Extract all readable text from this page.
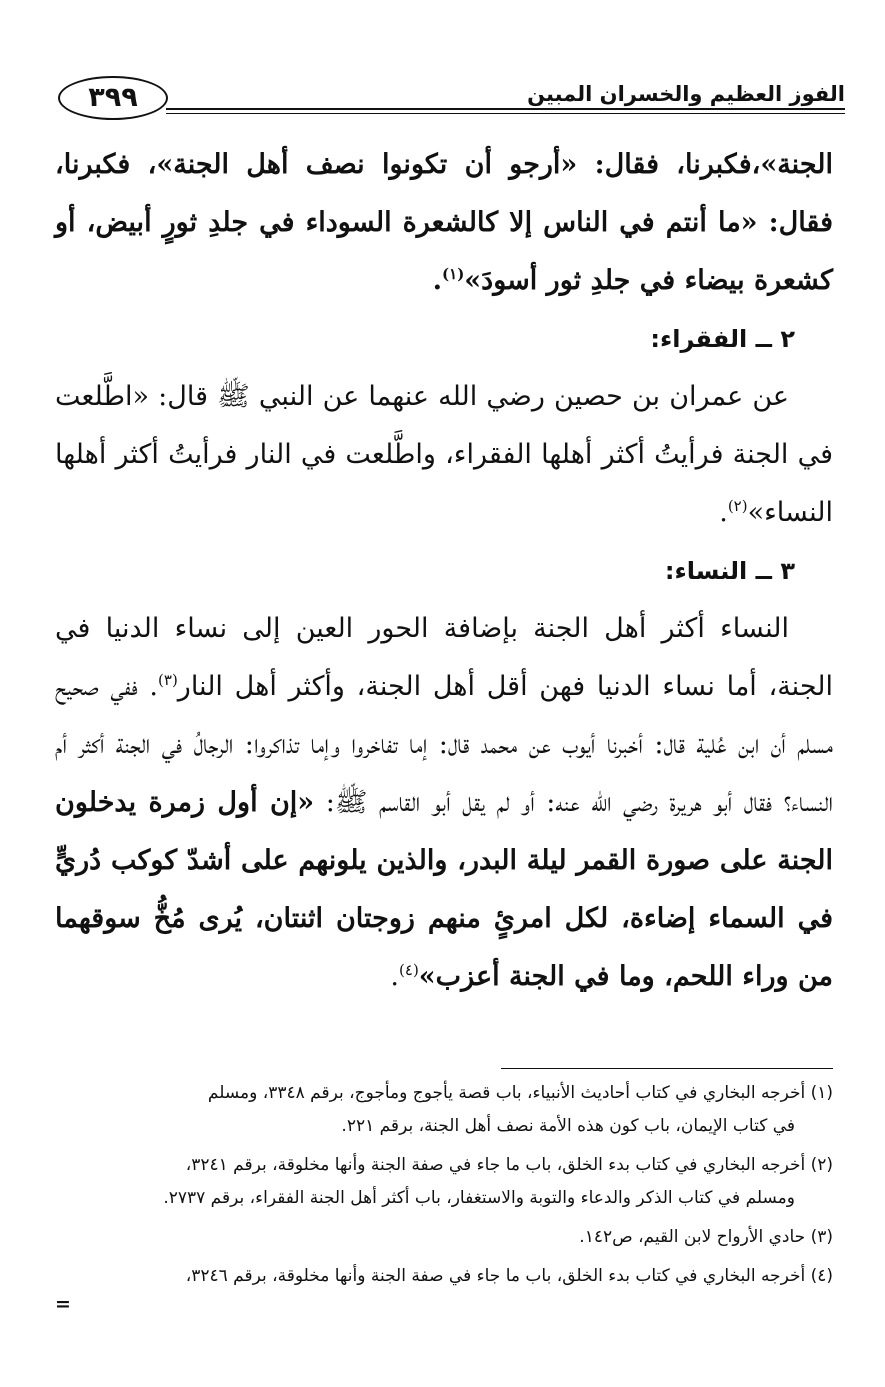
الفوز العظيم والخسران المبين
٣٩٩

الجنة»،فكبرنا، فقال: «أرجو أن تكونوا نصف أهل الجنة»، فكبرنا، فقال: «ما أنتم في الناس إلا كالشعرة السوداء في جلدِ ثورٍ أبيض، أو كشعرة بيضاء في جلدِ ثور أسودَ»$^{(١)}$.

٢ ــ الفقراء:

عن عمران بن حصين رضي الله عنهما عن النبي ﷺ قال: «اطَّلعت في الجنة فرأيتُ أكثر أهلها الفقراء، واطَّلعت في النار فرأيتُ أكثر أهلها النساء»$^{(٢)}$.

٣ ــ النساء:

النساء أكثر أهل الجنة بإضافة الحور العين إلى نساء الدنيا في الجنة، أما نساء الدنيا فهن أقل أهل الجنة، وأكثر أهل النار$^{(٣)}$. ففي صحيح مسلم أن ابن عُلية قال: أخبرنا أيوب عن محمد قال: إما تفاخروا وإما تذاكروا: الرجالُ في الجنة أكثر أم النساء؟ فقال أبو هريرة رضي الله عنه: أو لم يقل أبو القاسم ﷺ: «إن أول زمرة يدخلون الجنة على صورة القمر ليلة البدر، والذين يلونهم على أشدّ كوكب دُريٍّ في السماء إضاءة، لكل امرئٍ منهم زوجتان اثنتان، يُرى مُخُّ سوقهما من وراء اللحم، وما في الجنة أعزب»$^{(٤)}$.

(١) أخرجه البخاري في كتاب أحاديث الأنبياء، باب قصة يأجوج ومأجوج، برقم ٣٣٤٨، ومسلم
في كتاب الإيمان، باب كون هذه الأمة نصف أهل الجنة، برقم ٢٢١.

(٢) أخرجه البخاري في كتاب بدء الخلق، باب ما جاء في صفة الجنة وأنها مخلوقة، برقم ٣٢٤١،
ومسلم في كتاب الذكر والدعاء والتوبة والاستغفار، باب أكثر أهل الجنة الفقراء، برقم ٢٧٣٧.

(٣) حادي الأرواح لابن القيم، ص١٤٢.

(٤) أخرجه البخاري في كتاب بدء الخلق، باب ما جاء في صفة الجنة وأنها مخلوقة، برقم ٣٢٤٦،

=
